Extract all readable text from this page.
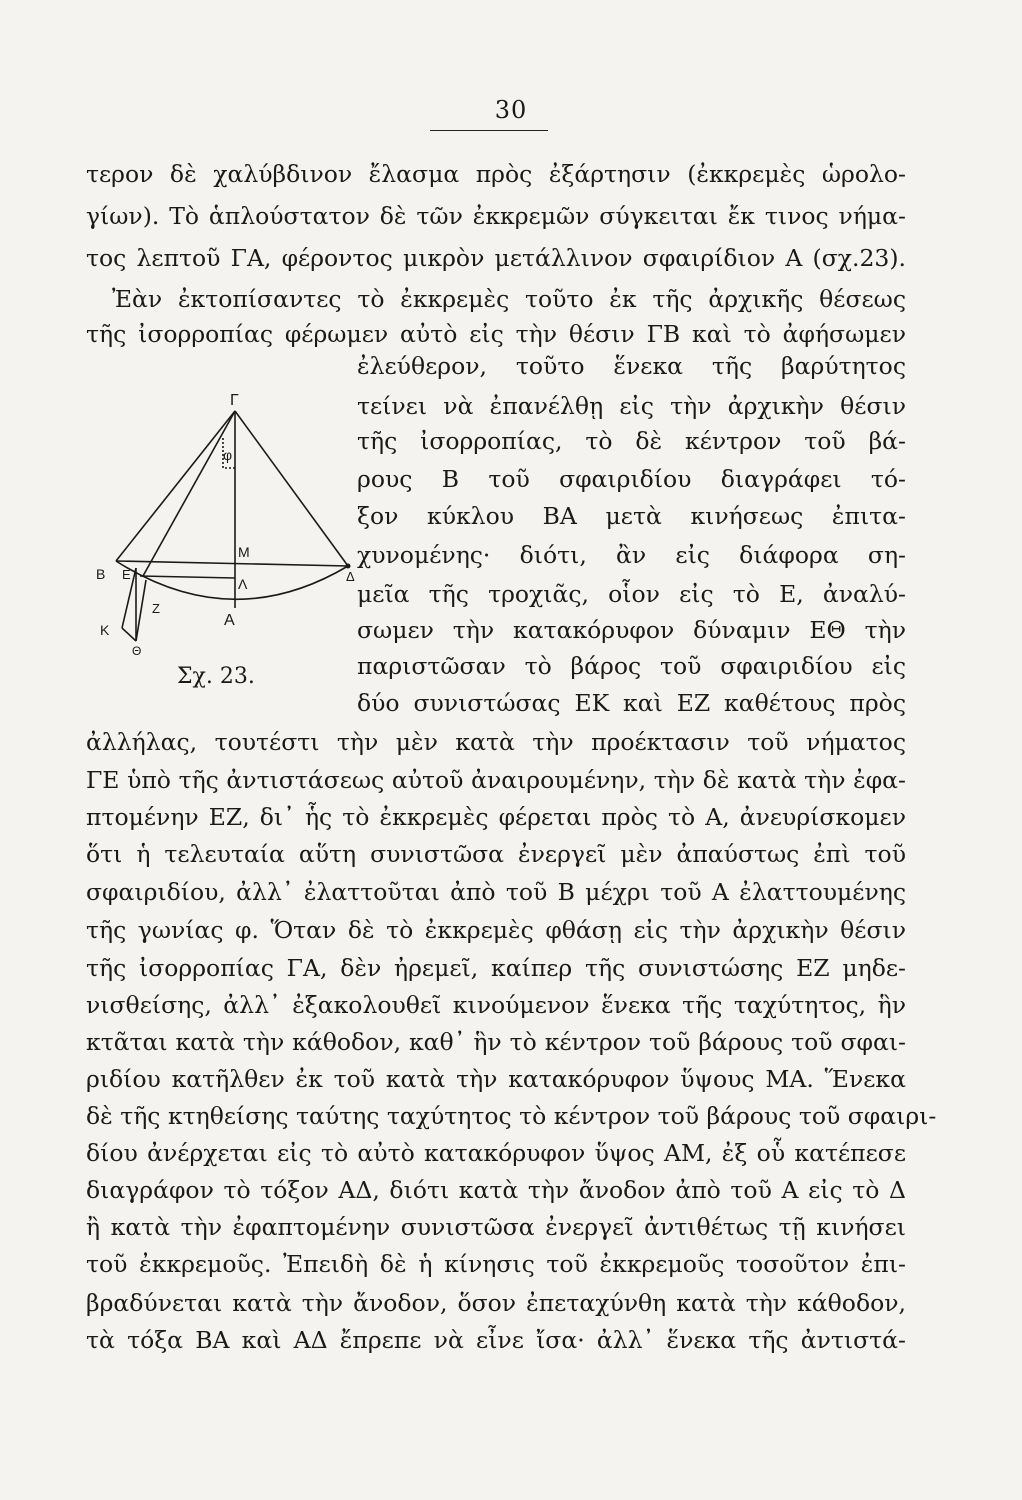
30
τερον δὲ χαλύβδινον ἔλασμα πρὸς ἐξάρτησιν (ἐκκρεμὲς ὡρολο-
γίων). Τὸ ἁπλούστατον δὲ τῶν ἐκκρεμῶν σύγκειται ἔκ τινος νήμα-
τος λεπτοῦ ΓΑ, φέροντος μικρὸν μετάλλινον σφαιρίδιον Α (σχ.23).
Ἐὰν ἐκτοπίσαντες τὸ ἐκκρεμὲς τοῦτο ἐκ τῆς ἀρχικῆς θέσεως
τῆς ἰσορροπίας φέρωμεν αὐτὸ εἰς τὴν θέσιν ΓΒ καὶ τὸ ἀφήσωμεν
ἐλεύθερον, τοῦτο ἕνεκα τῆς βαρύτητος
τείνει νὰ ἐπανέλθῃ εἰς τὴν ἀρχικὴν θέσιν
τῆς ἰσορροπίας, τὸ δὲ κέντρον τοῦ βά-
ρους Β τοῦ σφαιριδίου διαγράφει τό-
ξον κύκλου ΒΑ μετὰ κινήσεως ἐπιτα-
χυνομένης· διότι, ἂν εἰς διάφορα ση-
μεῖα τῆς τροχιᾶς, οἷον εἰς τὸ Ε, ἀναλύ-
σωμεν τὴν κατακόρυφον δύναμιν ΕΘ τὴν
παριστῶσαν τὸ βάρος τοῦ σφαιριδίου εἰς
δύο συνιστώσας ΕΚ καὶ ΕΖ καθέτους πρὸς
Γ
φ
Μ
Λ
Α
Β Ε
Ζ
Κ
Θ
Δ
Σχ. 23.
ἀλλήλας, τουτέστι τὴν μὲν κατὰ τὴν προέκτασιν τοῦ νήματος
ΓΕ ὑπὸ τῆς ἀντιστάσεως αὐτοῦ ἀναιρουμένην, τὴν δὲ κατὰ τὴν ἐφα-
πτομένην ΕΖ, δι᾽ ἧς τὸ ἐκκρεμὲς φέρεται πρὸς τὸ Α, ἀνευρίσκομεν
ὅτι ἡ τελευταία αὕτη συνιστῶσα ἐνεργεῖ μὲν ἀπαύστως ἐπὶ τοῦ
σφαιριδίου, ἀλλ᾽ ἐλαττοῦται ἀπὸ τοῦ Β μέχρι τοῦ Α ἐλαττουμένης
τῆς γωνίας φ. Ὅταν δὲ τὸ ἐκκρεμὲς φθάσῃ εἰς τὴν ἀρχικὴν θέσιν
τῆς ἰσορροπίας ΓΑ, δὲν ἠρεμεῖ, καίπερ τῆς συνιστώσης ΕΖ μηδε-
νισθείσης, ἀλλ᾽ ἐξακολουθεῖ κινούμενον ἕνεκα τῆς ταχύτητος, ἣν
κτᾶται κατὰ τὴν κάθοδον, καθ᾽ ἣν τὸ κέντρον τοῦ βάρους τοῦ σφαι-
ριδίου κατῆλθεν ἐκ τοῦ κατὰ τὴν κατακόρυφον ὕψους ΜΑ. Ἕνεκα
δὲ τῆς κτηθείσης ταύτης ταχύτητος τὸ κέντρον τοῦ βάρους τοῦ σφαιρι-
δίου ἀνέρχεται εἰς τὸ αὐτὸ κατακόρυφον ὕψος ΑΜ, ἐξ οὗ κατέπεσε
διαγράφον τὸ τόξον ΑΔ, διότι κατὰ τὴν ἄνοδον ἀπὸ τοῦ Α εἰς τὸ Δ
ἢ κατὰ τὴν ἐφαπτομένην συνιστῶσα ἐνεργεῖ ἀντιθέτως τῇ κινήσει
τοῦ ἐκκρεμοῦς. Ἐπειδὴ δὲ ἡ κίνησις τοῦ ἐκκρεμοῦς τοσοῦτον ἐπι-
βραδύνεται κατὰ τὴν ἄνοδον, ὅσον ἐπεταχύνθη κατὰ τὴν κάθοδον,
τὰ τόξα ΒΑ καὶ ΑΔ ἔπρεπε νὰ εἶνε ἴσα· ἀλλ᾽ ἕνεκα τῆς ἀντιστά-
